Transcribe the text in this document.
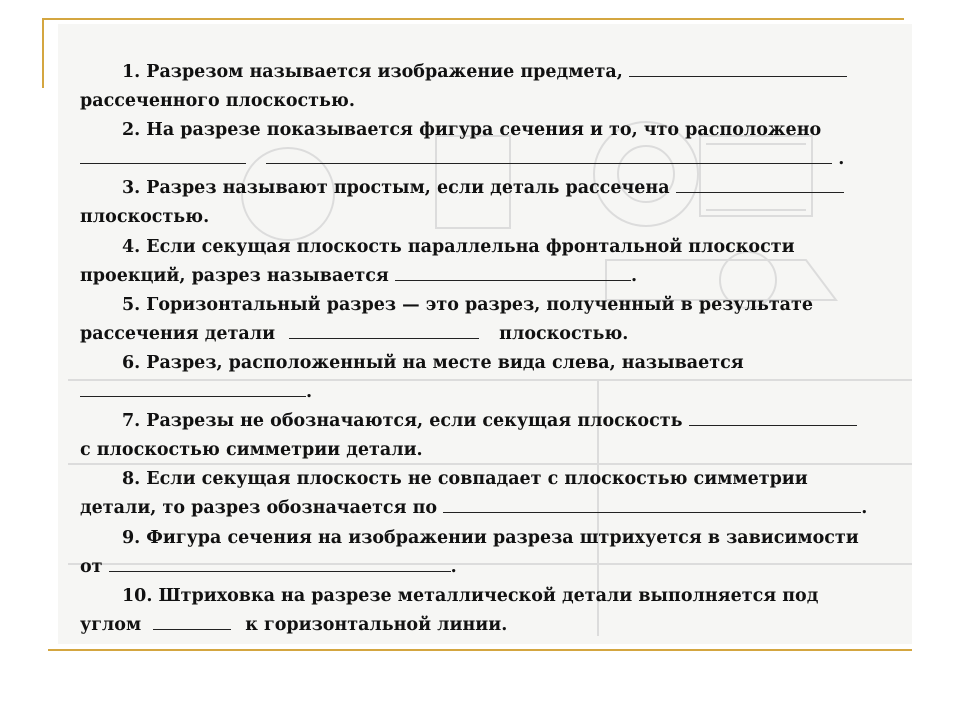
1. Разрезом называется изображение предмета,
рассеченного плоскостью.
2. На разрезе показывается фигура сечения и то, что расположено
.
3. Разрез называют простым, если деталь рассечена
плоскостью.
4. Если секущая плоскость параллельна фронтальной плоскости
проекций, разрез называется	.
5. Горизонтальный разрез — это разрез, полученный в результате
рассечения детали	плоскостью.
6. Разрез, расположенный на месте вида слева, называется
.
7. Разрезы не обозначаются, если секущая плоскость
с плоскостью симметрии детали.
8. Если секущая плоскость не совпадает с плоскостью симметрии
детали, то разрез обозначается по	.
9. Фигура сечения на изображении разреза штрихуется в зависимости
от	.
10. Штриховка на разрезе металлической детали выполняется под
углом	к горизонтальной линии.
